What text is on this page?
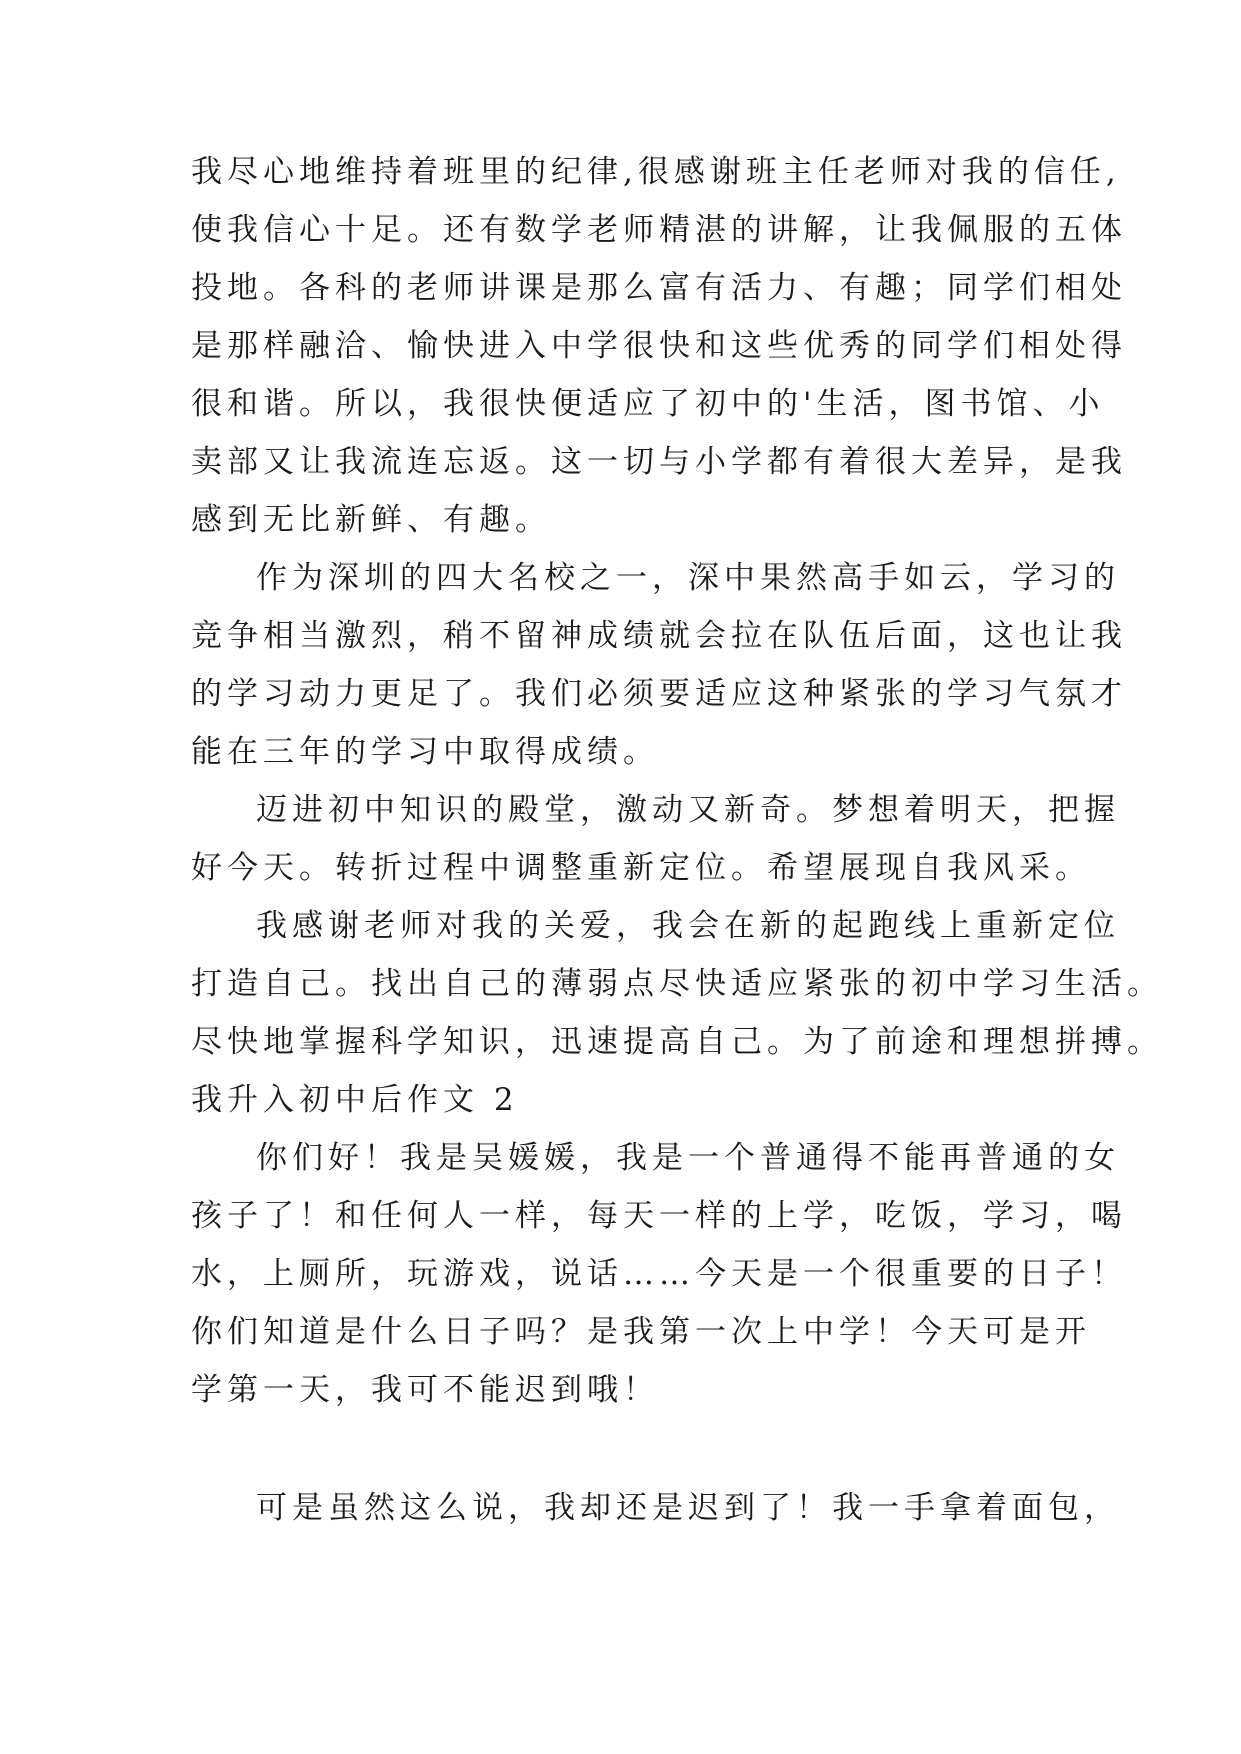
我尽心地维持着班里的纪律,很感谢班主任老师对我的信任,
使我信心十足。还有数学老师精湛的讲解，让我佩服的五体
投地。各科的老师讲课是那么富有活力、有趣；同学们相处
是那样融洽、愉快进入中学很快和这些优秀的同学们相处得
很和谐。所以，我很快便适应了初中的'生活，图书馆、小
卖部又让我流连忘返。这一切与小学都有着很大差异，是我
感到无比新鲜、有趣。
作为深圳的四大名校之一，深中果然高手如云，学习的
竞争相当激烈，稍不留神成绩就会拉在队伍后面，这也让我
的学习动力更足了。我们必须要适应这种紧张的学习气氛才
能在三年的学习中取得成绩。
迈进初中知识的殿堂，激动又新奇。梦想着明天，把握
好今天。转折过程中调整重新定位。希望展现自我风采。
我感谢老师对我的关爱，我会在新的起跑线上重新定位
打造自己。找出自己的薄弱点尽快适应紧张的初中学习生活。
尽快地掌握科学知识，迅速提高自己。为了前途和理想拼搏。
我升入初中后作文 2
你们好！我是吴媛媛，我是一个普通得不能再普通的女
孩子了！和任何人一样，每天一样的上学，吃饭，学习，喝
水，上厕所，玩游戏，说话……今天是一个很重要的日子！
你们知道是什么日子吗？是我第一次上中学！今天可是开
学第一天，我可不能迟到哦！
可是虽然这么说，我却还是迟到了！我一手拿着面包，
